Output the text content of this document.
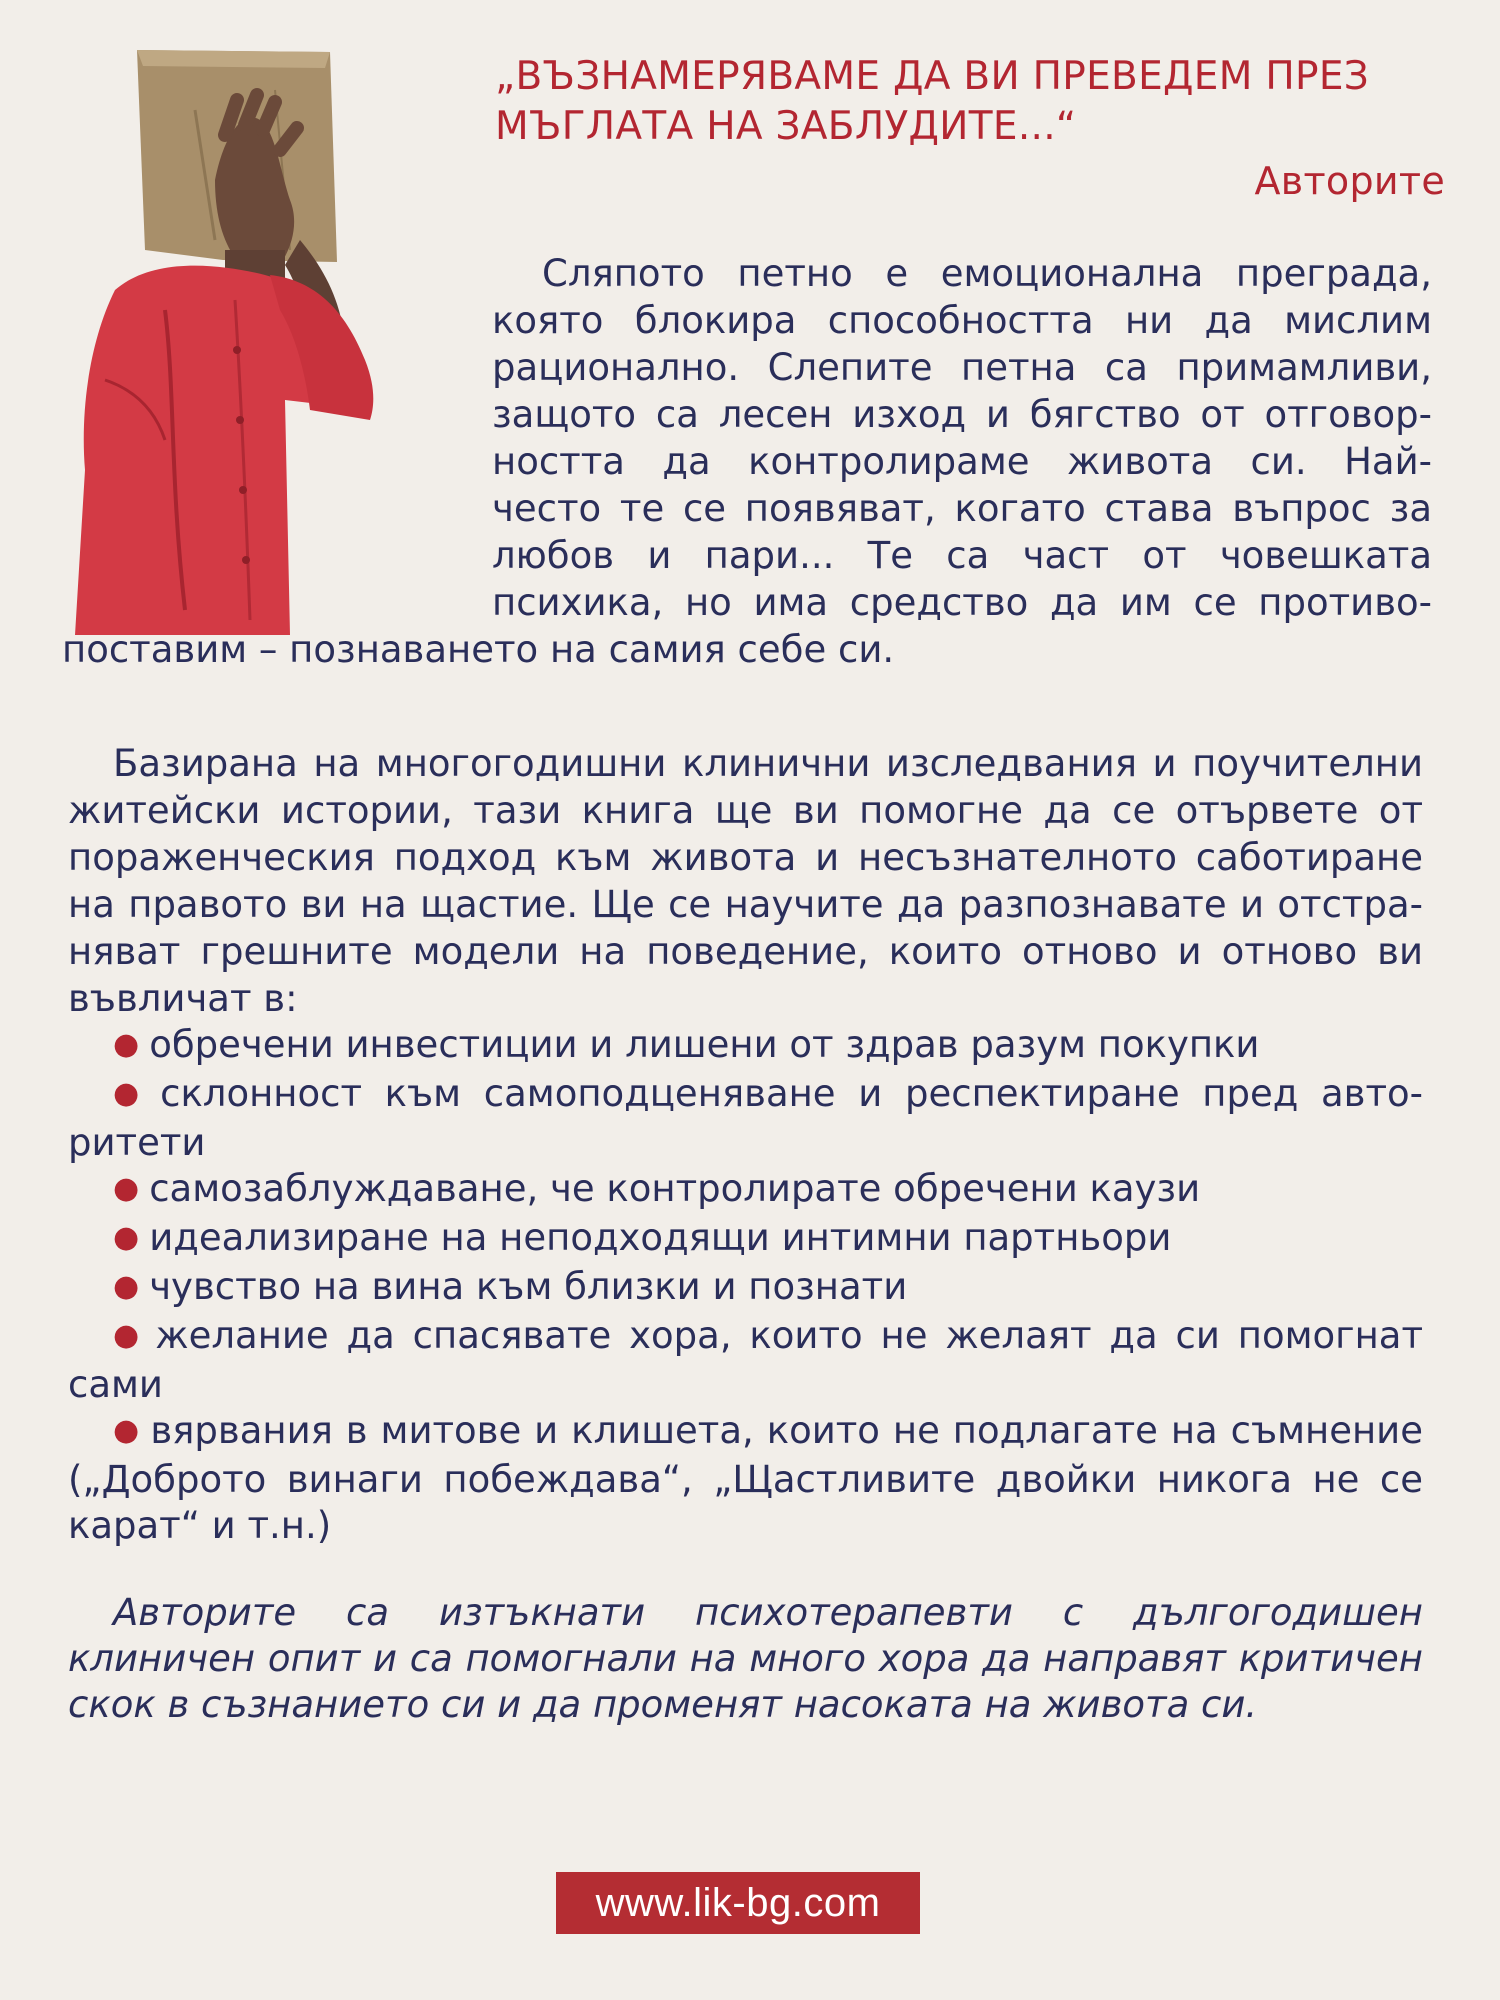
„ВЪЗНАМЕРЯВАМЕ ДА ВИ ПРЕВЕДЕМ ПРЕЗ
МЪГЛАТА НА ЗАБЛУДИТЕ...“
Авторите
Сляпото петно е емоционална преграда,
която блокира способността ни да мислим
рационално. Слепите петна са примамливи,
защото са лесен изход и бягство от отговор-
ността да контролираме живота си. Най-
често те се появяват, когато става въпрос за
любов и пари... Те са част от човешката
психика, но има средство да им се противо-
поставим – познаването на самия себе си.
Базирана на многогодишни клинични изследвания и поучителни житейски истории, тази книга ще ви помогне да се отървете от пораженческия подход към живота и несъзнателното саботиране на правото ви на щастие. Ще се научите да разпознавате и отстра-няват грешните модели на поведение, които отново и отново ви въвличат в:
● обречени инвестиции и лишени от здрав разум покупки
● склонност към самоподценяване и респектиране пред авто-ритети
● самозаблуждаване, че контролирате обречени каузи
● идеализиране на неподходящи интимни партньори
● чувство на вина към близки и познати
● желание да спасявате хора, които не желаят да си помогнат сами
● вярвания в митове и клишета, които не подлагате на съмнение („Доброто винаги побеждава“, „Щастливите двойки никога не се карат“ и т.н.)
Авторите са изтъкнати психотерапевти с дългогодишен клиничен опит и са помогнали на много хора да направят критичен скок в съзнанието си и да променят насоката на живота си.
www.lik-bg.com
